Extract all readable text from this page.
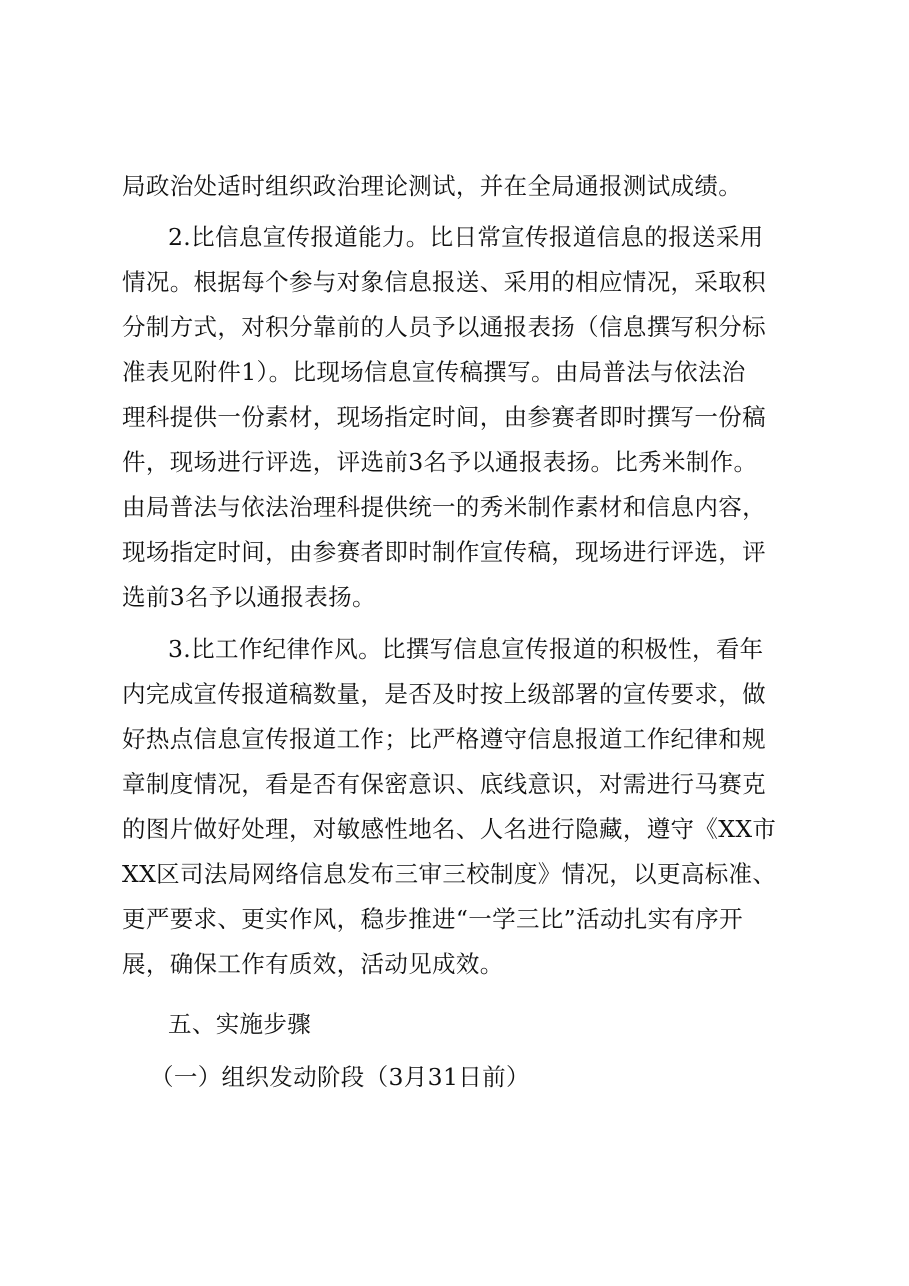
局政治处适时组织政治理论测试，并在全局通报测试成绩。
2.比信息宣传报道能力。比日常宣传报道信息的报送采用
情况。根据每个参与对象信息报送、采用的相应情况，采取积
分制方式，对积分靠前的人员予以通报表扬（信息撰写积分标
准表见附件1）。比现场信息宣传稿撰写。由局普法与依法治
理科提供一份素材，现场指定时间，由参赛者即时撰写一份稿
件，现场进行评选，评选前3名予以通报表扬。比秀米制作。
由局普法与依法治理科提供统一的秀米制作素材和信息内容，
现场指定时间，由参赛者即时制作宣传稿，现场进行评选，评
选前3名予以通报表扬。
3.比工作纪律作风。比撰写信息宣传报道的积极性，看年
内完成宣传报道稿数量，是否及时按上级部署的宣传要求，做
好热点信息宣传报道工作；比严格遵守信息报道工作纪律和规
章制度情况，看是否有保密意识、底线意识，对需进行马赛克
的图片做好处理，对敏感性地名、人名进行隐藏，遵守《XX市
XX区司法局网络信息发布三审三校制度》情况，以更高标准、
更严要求、更实作风，稳步推进“一学三比”活动扎实有序开
展，确保工作有质效，活动见成效。
五、实施步骤
（一）组织发动阶段（3月31日前）
